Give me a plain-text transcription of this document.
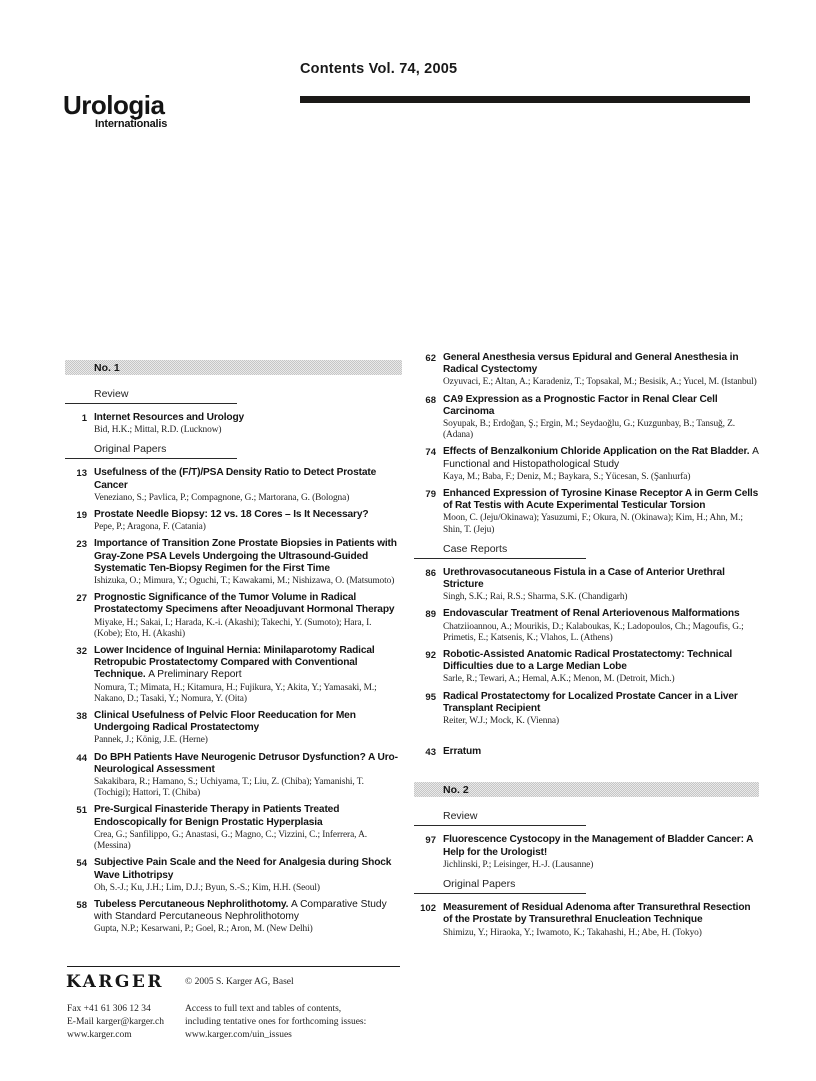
Contents Vol. 74, 2005
Urologia
Internationalis
No. 1
Review
1 Internet Resources and Urology
Bid, H.K.; Mittal, R.D. (Lucknow)
Original Papers
13 Usefulness of the (F/T)/PSA Density Ratio to Detect Prostate Cancer
Veneziano, S.; Pavlica, P.; Compagnone, G.; Martorana, G. (Bologna)
19 Prostate Needle Biopsy: 12 vs. 18 Cores – Is It Necessary?
Pepe, P.; Aragona, F. (Catania)
23 Importance of Transition Zone Prostate Biopsies in Patients with Gray-Zone PSA Levels Undergoing the Ultrasound-Guided Systematic Ten-Biopsy Regimen for the First Time
Ishizuka, O.; Mimura, Y.; Oguchi, T.; Kawakami, M.; Nishizawa, O. (Matsumoto)
27 Prognostic Significance of the Tumor Volume in Radical Prostatectomy Specimens after Neoadjuvant Hormonal Therapy
Miyake, H.; Sakai, I.; Harada, K.-i. (Akashi); Takechi, Y. (Sumoto); Hara, I. (Kobe); Eto, H. (Akashi)
32 Lower Incidence of Inguinal Hernia: Minilaparotomy Radical Retropubic Prostatectomy Compared with Conventional Technique. A Preliminary Report
Nomura, T.; Mimata, H.; Kitamura, H.; Fujikura, Y.; Akita, Y.; Yamasaki, M.; Nakano, D.; Tasaki, Y.; Nomura, Y. (Oita)
38 Clinical Usefulness of Pelvic Floor Reeducation for Men Undergoing Radical Prostatectomy
Pannek, J.; König, J.E. (Herne)
44 Do BPH Patients Have Neurogenic Detrusor Dysfunction? A Uro-Neurological Assessment
Sakakibara, R.; Hamano, S.; Uchiyama, T.; Liu, Z. (Chiba); Yamanishi, T. (Tochigi); Hattori, T. (Chiba)
51 Pre-Surgical Finasteride Therapy in Patients Treated Endoscopically for Benign Prostatic Hyperplasia
Crea, G.; Sanfilippo, G.; Anastasi, G.; Magno, C.; Vizzini, C.; Inferrera, A. (Messina)
54 Subjective Pain Scale and the Need for Analgesia during Shock Wave Lithotripsy
Oh, S.-J.; Ku, J.H.; Lim, D.J.; Byun, S.-S.; Kim, H.H. (Seoul)
58 Tubeless Percutaneous Nephrolithotomy. A Comparative Study with Standard Percutaneous Nephrolithotomy
Gupta, N.P.; Kesarwani, P.; Goel, R.; Aron, M. (New Delhi)
62 General Anesthesia versus Epidural and General Anesthesia in Radical Cystectomy
Ozyuvaci, E.; Altan, A.; Karadeniz, T.; Topsakal, M.; Besisik, A.; Yucel, M. (Istanbul)
68 CA9 Expression as a Prognostic Factor in Renal Clear Cell Carcinoma
Soyupak, B.; Erdoğan, Ş.; Ergin, M.; Seydaoğlu, G.; Kuzgunbay, B.; Tansuğ, Z. (Adana)
74 Effects of Benzalkonium Chloride Application on the Rat Bladder. A Functional and Histopathological Study
Kaya, M.; Baba, F.; Deniz, M.; Baykara, S.; Yücesan, S. (Şanlıurfa)
79 Enhanced Expression of Tyrosine Kinase Receptor A in Germ Cells of Rat Testis with Acute Experimental Testicular Torsion
Moon, C. (Jeju/Okinawa); Yasuzumi, F.; Okura, N. (Okinawa); Kim, H.; Ahn, M.; Shin, T. (Jeju)
Case Reports
86 Urethrovasocutaneous Fistula in a Case of Anterior Urethral Stricture
Singh, S.K.; Rai, R.S.; Sharma, S.K. (Chandigarh)
89 Endovascular Treatment of Renal Arteriovenous Malformations
Chatziioannou, A.; Mourikis, D.; Kalaboukas, K.; Ladopoulos, Ch.; Magoufis, G.; Primetis, E.; Katsenis, K.; Vlahos, L. (Athens)
92 Robotic-Assisted Anatomic Radical Prostatectomy: Technical Difficulties due to a Large Median Lobe
Sarle, R.; Tewari, A.; Hemal, A.K.; Menon, M. (Detroit, Mich.)
95 Radical Prostatectomy for Localized Prostate Cancer in a Liver Transplant Recipient
Reiter, W.J.; Mock, K. (Vienna)
43 Erratum
No. 2
Review
97 Fluorescence Cystocopy in the Management of Bladder Cancer: A Help for the Urologist!
Jichlinski, P.; Leisinger, H.-J. (Lausanne)
Original Papers
102 Measurement of Residual Adenoma after Transurethral Resection of the Prostate by Transurethral Enucleation Technique
Shimizu, Y.; Hiraoka, Y.; Iwamoto, K.; Takahashi, H.; Abe, H. (Tokyo)
KARGER © 2005 S. Karger AG, Basel
Fax +41 61 306 12 34
E-Mail karger@karger.ch
www.karger.com
Access to full text and tables of contents,
including tentative ones for forthcoming issues:
www.karger.com/uin_issues
